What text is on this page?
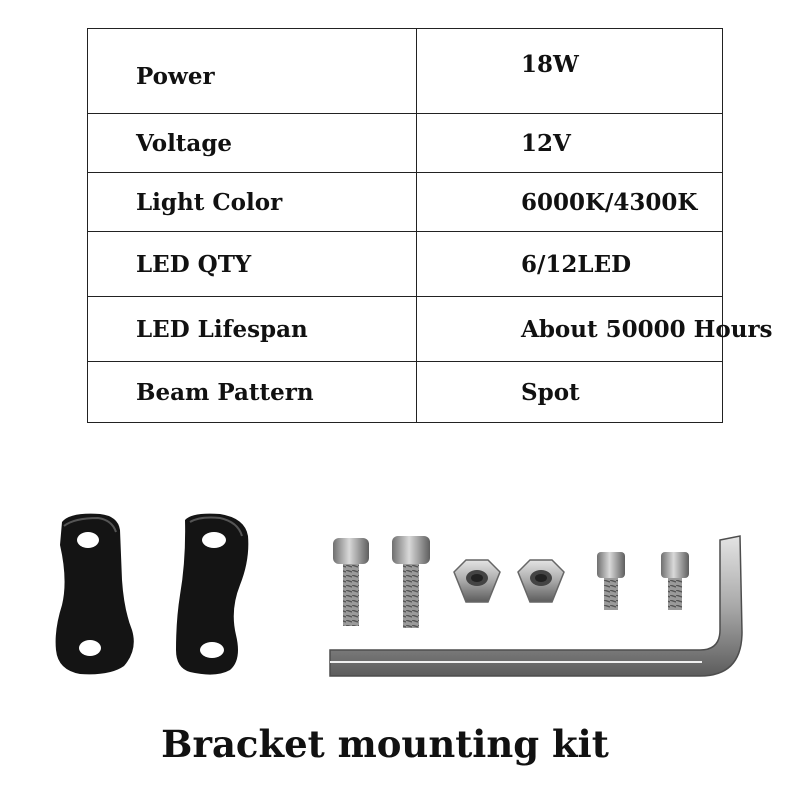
Power	18W
Voltage	12V
Light Color	6000K/4300K
LED QTY	6/12LED
LED Lifespan	About 50000 Hours
Beam Pattern	Spot
Bracket mounting kit
